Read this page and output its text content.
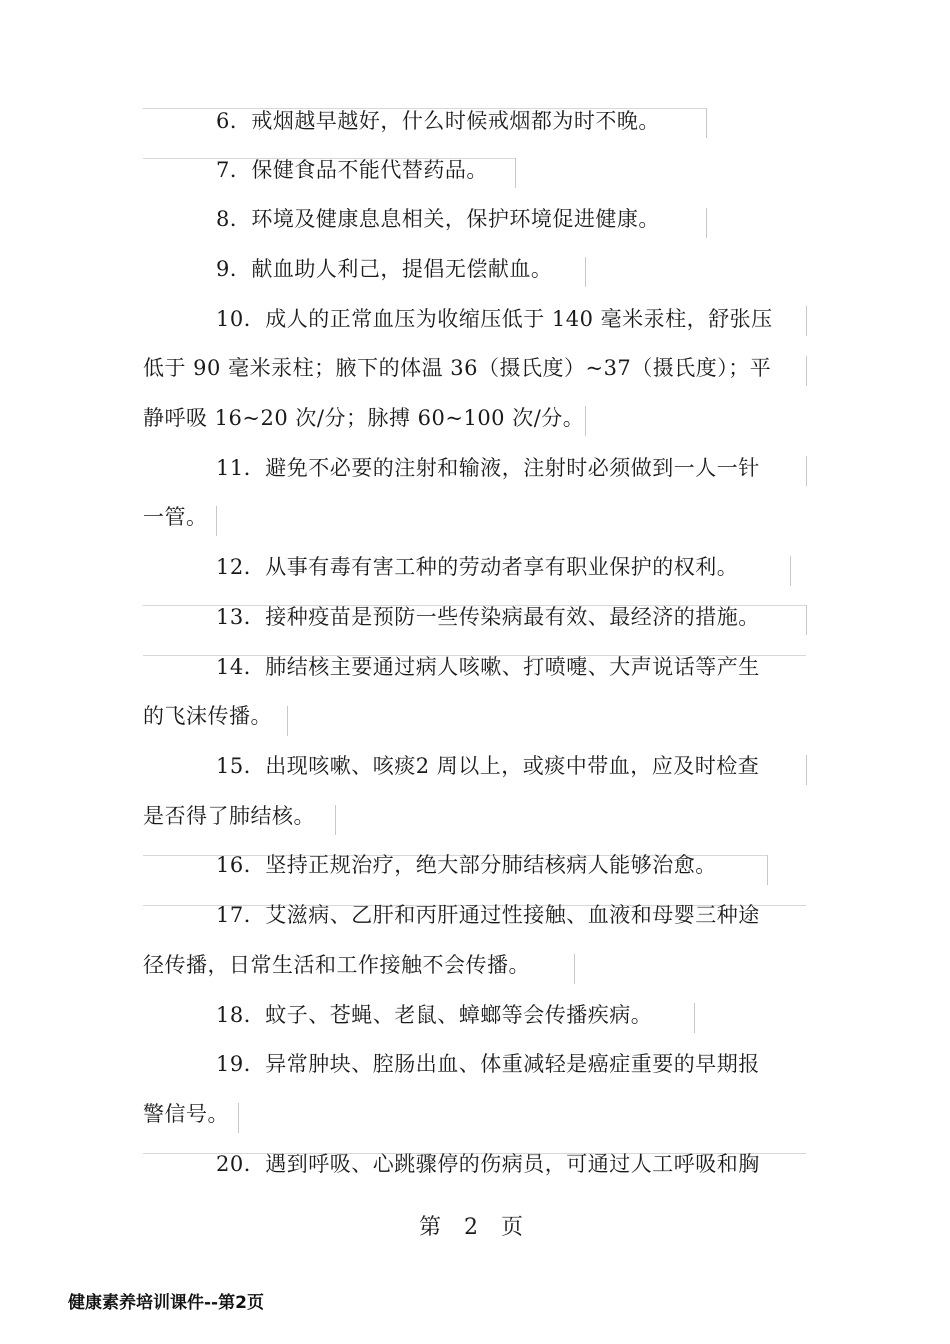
6．戒烟越早越好，什么时候戒烟都为时不晚。
7．保健食品不能代替药品。
8．环境及健康息息相关，保护环境促进健康。
9．献血助人利己，提倡无偿献血。
10．成人的正常血压为收缩压低于 140 毫米汞柱，舒张压
低于 90 毫米汞柱；腋下的体温 36（摄氏度）~37（摄氏度）；平
静呼吸 16~20 次/分；脉搏 60~100 次/分。
11．避免不必要的注射和输液，注射时必须做到一人一针
一管。
12．从事有毒有害工种的劳动者享有职业保护的权利。
13．接种疫苗是预防一些传染病最有效、最经济的措施。
14．肺结核主要通过病人咳嗽、打喷嚏、大声说话等产生
的飞沫传播。
15．出现咳嗽、咳痰2 周以上，或痰中带血，应及时检查
是否得了肺结核。
16．坚持正规治疗，绝大部分肺结核病人能够治愈。
17．艾滋病、乙肝和丙肝通过性接触、血液和母婴三种途
径传播，日常生活和工作接触不会传播。
18．蚊子、苍蝇、老鼠、蟑螂等会传播疾病。
19．异常肿块、腔肠出血、体重减轻是癌症重要的早期报
警信号。
20．遇到呼吸、心跳骤停的伤病员，可通过人工呼吸和胸
第 2 页
健康素养培训课件--第2页
